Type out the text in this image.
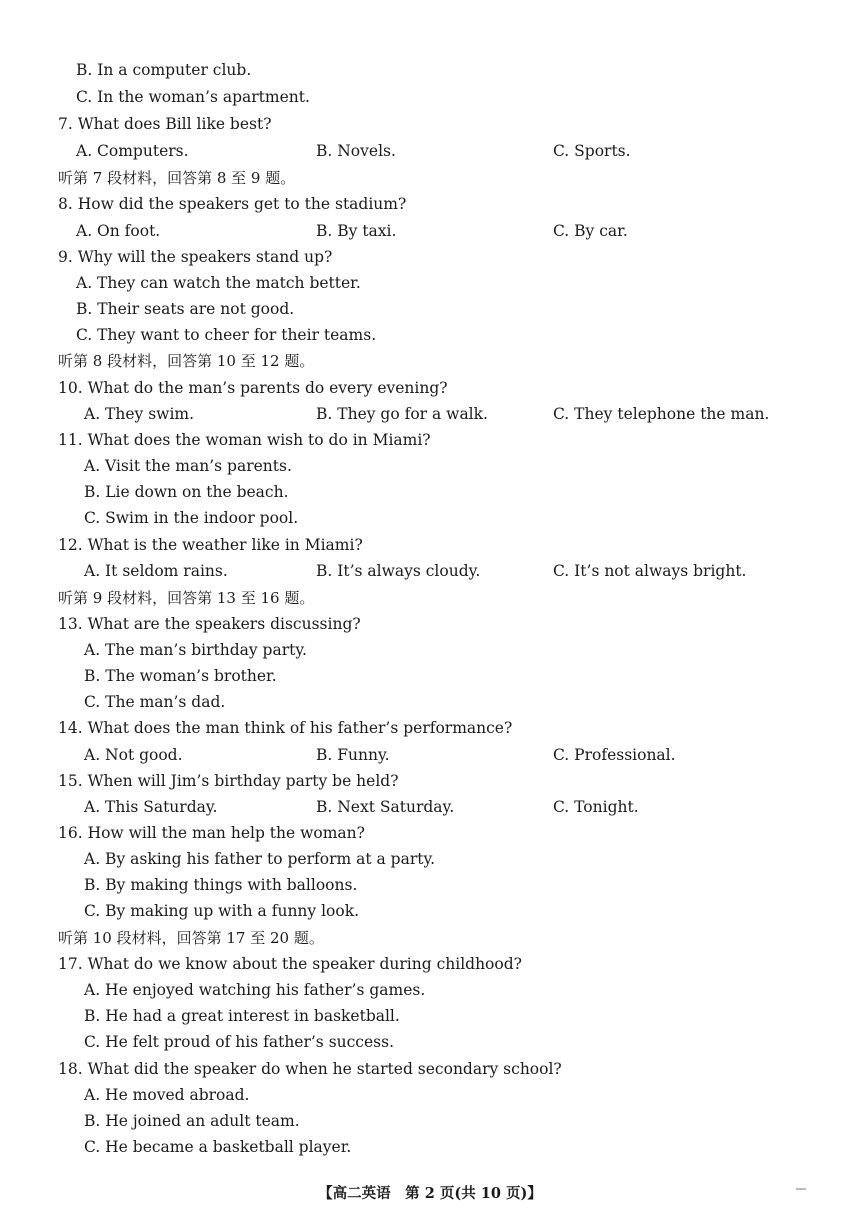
B. In a computer club.
C. In the woman’s apartment.
7. What does Bill like best?
A. Computers.	B. Novels.	C. Sports.
听第 7 段材料，回答第 8 至 9 题。
8. How did the speakers get to the stadium?
A. On foot.	B. By taxi.	C. By car.
9. Why will the speakers stand up?
A. They can watch the match better.
B. Their seats are not good.
C. They want to cheer for their teams.
听第 8 段材料，回答第 10 至 12 题。
10. What do the man’s parents do every evening?
A. They swim.	B. They go for a walk.	C. They telephone the man.
11. What does the woman wish to do in Miami?
A. Visit the man’s parents.
B. Lie down on the beach.
C. Swim in the indoor pool.
12. What is the weather like in Miami?
A. It seldom rains.	B. It’s always cloudy.	C. It’s not always bright.
听第 9 段材料，回答第 13 至 16 题。
13. What are the speakers discussing?
A. The man’s birthday party.
B. The woman’s brother.
C. The man’s dad.
14. What does the man think of his father’s performance?
A. Not good.	B. Funny.	C. Professional.
15. When will Jim’s birthday party be held?
A. This Saturday.	B. Next Saturday.	C. Tonight.
16. How will the man help the woman?
A. By asking his father to perform at a party.
B. By making things with balloons.
C. By making up with a funny look.
听第 10 段材料，回答第 17 至 20 题。
17. What do we know about the speaker during childhood?
A. He enjoyed watching his father’s games.
B. He had a great interest in basketball.
C. He felt proud of his father’s success.
18. What did the speaker do when he started secondary school?
A. He moved abroad.
B. He joined an adult team.
C. He became a basketball player.
【高二英语　第 2 页(共 10 页)】
